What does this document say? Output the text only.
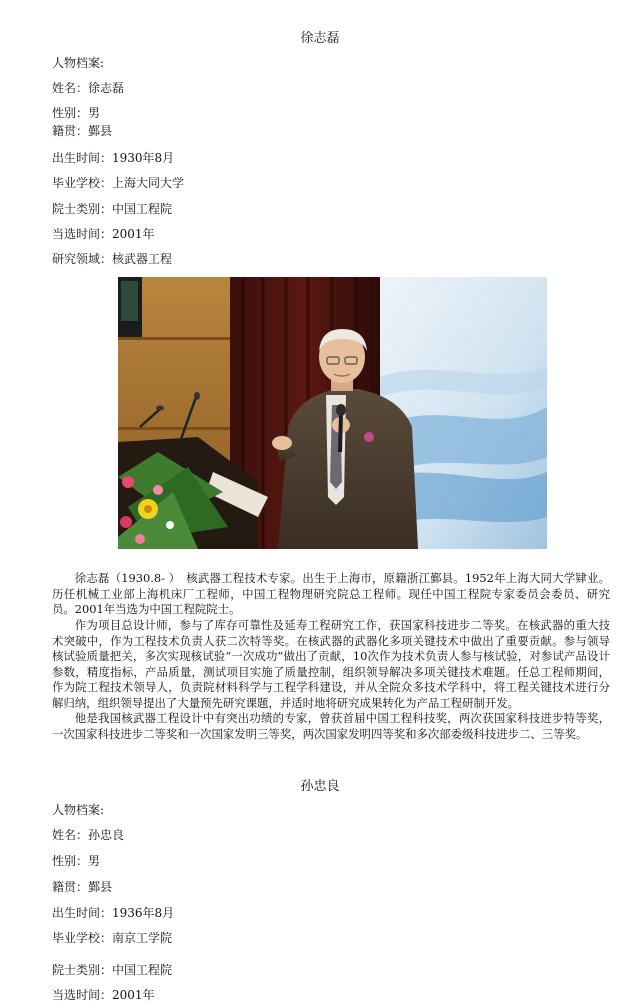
徐志磊
人物档案:
姓名：徐志磊
性别：男
籍贯：鄞县
出生时间：1930年8月
毕业学校：上海大同大学
院士类别：中国工程院
当选时间：2001年
研究领域：核武器工程

徐志磊（1930.8- ）　核武器工程技术专家。出生于上海市，原籍浙江鄞县。1952年上海大同大学肄业。历任机械工业部上海机床厂工程师，中国工程物理研究院总工程师。现任中国工程院专家委员会委员、研究员。2001年当选为中国工程院院士。

作为项目总设计师，参与了库存可靠性及延寿工程研究工作，获国家科技进步二等奖。在核武器的重大技术突破中，作为工程技术负责人获二次特等奖。在核武器的武器化多项关键技术中做出了重要贡献。参与领导核试验质量把关，多次实现核试验“一次成功”做出了贡献，10次作为技术负责人参与核试验，对参试产品设计参数，精度指标，产品质量，测试项目实施了质量控制，组织领导解决多项关键技术难题。任总工程师期间，作为院工程技术领导人，负责院材料科学与工程学科建设，并从全院众多技术学科中，将工程关键技术进行分解归纳，组织领导提出了大量预先研究课题，并适时地将研究成果转化为产品工程研制开发。

他是我国核武器工程设计中有突出功绩的专家，曾获首届中国工程科技奖，两次获国家科技进步特等奖，一次国家科技进步二等奖和一次国家发明三等奖，两次国家发明四等奖和多次部委级科技进步二、三等奖。

孙忠良
人物档案:
姓名：孙忠良
性别：男
籍贯：鄞县
出生时间：1936年8月
毕业学校：南京工学院
院士类别：中国工程院
当选时间：2001年
